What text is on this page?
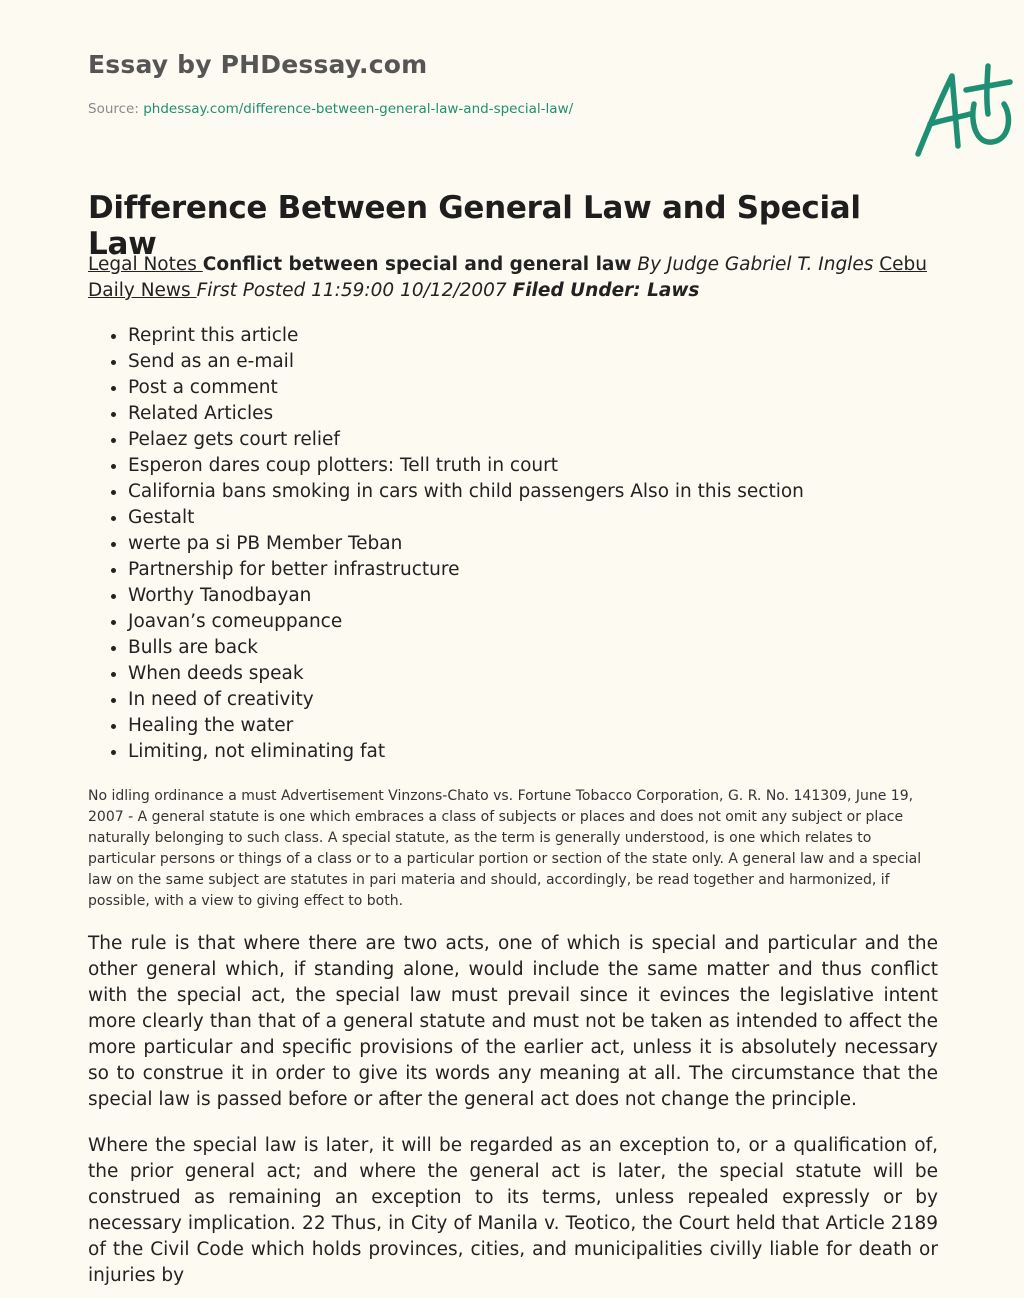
Essay by PHDessay.com
Source: phdessay.com/difference-between-general-law-and-special-law/
Difference Between General Law and Special Law
Legal Notes Conflict between special and general law By Judge Gabriel T. Ingles Cebu Daily News First Posted 11:59:00 10/12/2007 Filed Under: Laws
• Reprint this article
• Send as an e-mail
• Post a comment
• Related Articles
• Pelaez gets court relief
• Esperon dares coup plotters: Tell truth in court
• California bans smoking in cars with child passengers Also in this section
• Gestalt
• werte pa si PB Member Teban
• Partnership for better infrastructure
• Worthy Tanodbayan
• Joavan’s comeuppance
• Bulls are back
• When deeds speak
• In need of creativity
• Healing the water
• Limiting, not eliminating fat

No idling ordinance a must Advertisement Vinzons-Chato vs. Fortune Tobacco Corporation, G. R. No. 141309, June 19, 2007 - A general statute is one which embraces a class of subjects or places and does not omit any subject or place naturally belonging to such class. A special statute, as the term is generally understood, is one which relates to particular persons or things of a class or to a particular portion or section of the state only. A general law and a special law on the same subject are statutes in pari materia and should, accordingly, be read together and harmonized, if possible, with a view to giving effect to both.

The rule is that where there are two acts, one of which is special and particular and the other general which, if standing alone, would include the same matter and thus conflict with the special act, the special law must prevail since it evinces the legislative intent more clearly than that of a general statute and must not be taken as intended to affect the more particular and specific provisions of the earlier act, unless it is absolutely necessary so to construe it in order to give its words any meaning at all. The circumstance that the special law is passed before or after the general act does not change the principle.

Where the special law is later, it will be regarded as an exception to, or a qualification of, the prior general act; and where the general act is later, the special statute will be construed as remaining an exception to its terms, unless repealed expressly or by necessary implication. 22 Thus, in City of Manila v. Teotico, the Court held that Article 2189 of the Civil Code which holds provinces, cities, and municipalities civilly liable for death or injuries by
